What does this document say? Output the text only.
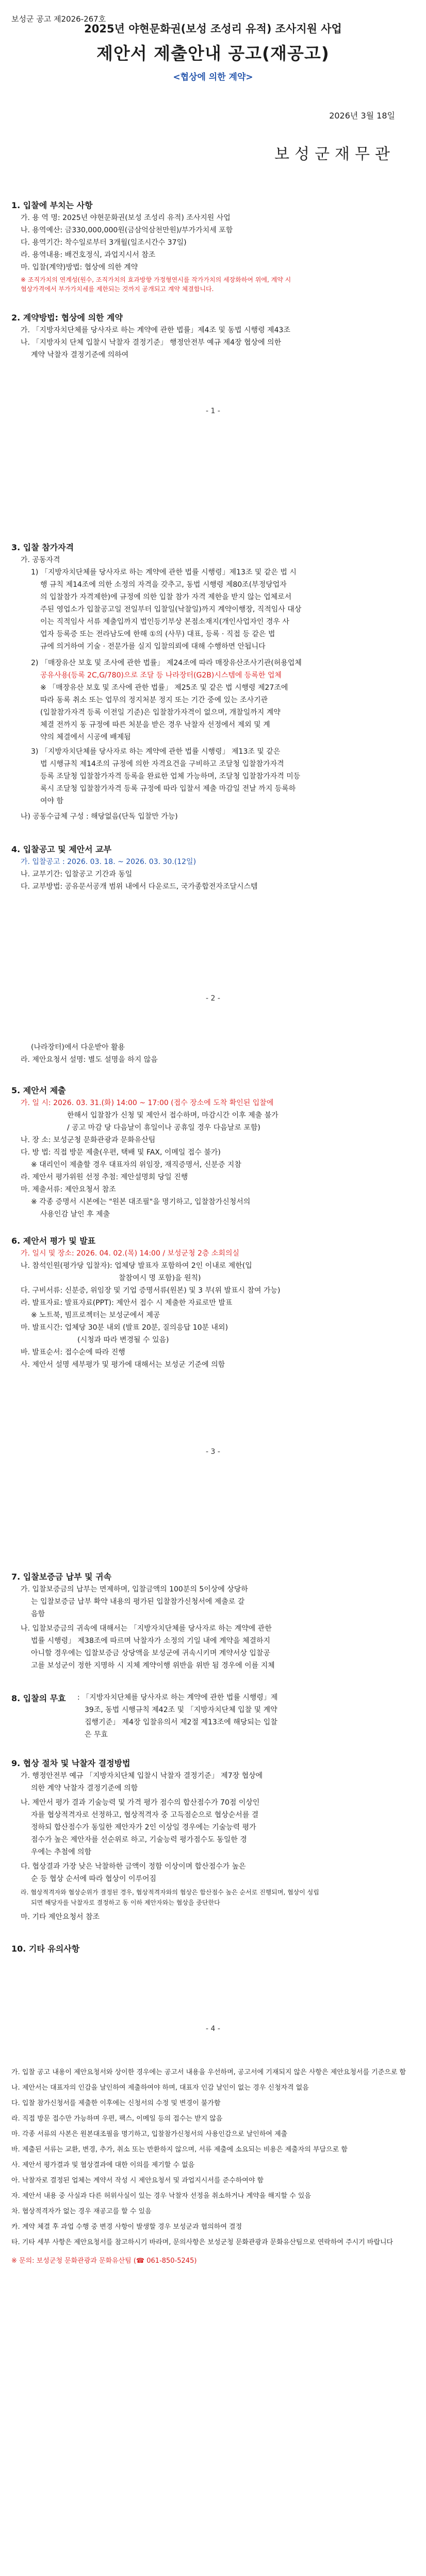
보성군 공고 제2026-267호
2025년 야현문화권(보성 조성리 유적) 조사지원 사업
제안서 제출안내 공고(재공고)
<협상에 의한 계약>
2026년 3월 18일
보성군재무관
1. 입찰에 부치는 사항
가. 용 역 명: 2025년 야현문화권(보성 조성리 유적) 조사지원 사업
나. 용역예산: 금330,000,000원(금삼억삼천만원)/부가가치세 포함
다. 용역기간: 착수일로부터 3개월(일조시간수 37일)
라. 용역내용: 배건호정식, 과업지시서 참조
마. 입찰(계약)방법: 협상에 의한 계약
※ 조직가치의 연계성(원수, 조직가치의 효과방향 가정형연시를 작가가치의 세장화하여 위에, 계약 시
협상가격에서 부가가치세를 제한되는 것까지 공개되고 계약 체결합니다.
2. 계약방법: 협상에 의한 계약
가. 「지방자치단체를 당사자로 하는 계약에 관한 법률」제4조 및 동법 시행령 제43조
나. 「지방자치 단체 입찰시 낙찰자 결정기준」 행정안전부 예규 제4장 협상에 의한
계약 낙찰자 결정기준에 의하여
- 1 -
3. 입찰 참가자격
가. 공동자격
1) 「지방자치단체를 당사자로 하는 계약에 관한 법률 시행령」제13조 및 같은 법 시
행 규칙 제14조에 의한 소정의 자격을 갖추고, 동법 시행령 제80조(부정당업자
의 입찰참가 자격제한)에 규정에 의한 입찰 참가 자격 제한을 받지 않는 업체로서
주된 영업소가 입찰공고일 전일부터 입찰일(낙찰일)까지 계약이행장, 직적임사 대상
이는 직적임사 서류 제출입까지 법인등기부상 본점소재지(개인사업자인 경우 사
업자 등록증 또는 전라남도에 한해 ①의 (사무) 대표, 등록 · 직접 등 같은 법
규에 의거하여 기술 · 전문가를 실지 입찰의뢰에 대해 수행하면 안됩니다
2) 「매장유산 보호 및 조사에 관한 법률」 제24조에 따라 매장유산조사기관(허용업체
공유사용(등록 2C,G/780)으로 조달 등 나라장터(G2B)시스템에 등록한 업체
※ 「매장유산 보호 및 조사에 관한 법률」 제25조 및 같은 법 시행령 제27조에
따라 동록 취소 또는 업무의 정지처분 정지 또는 기간 중에 있는 조사기관
(입찰참가자격 등록 이전일 기준)은 입찰참가자격이 없으며, 개찰일까지 계약
체결 전까지 동 규정에 따른 처분을 받은 경우 낙찰자 선정에서 제외 및 계
약의 체결에서 시공에 배제됨
3) 「지방자치단체를 당사자로 하는 계약에 관한 법률 시행령」 제13조 및 같은
법 시행규칙 제14조의 규정에 의한 자격요건을 구비하고 조달청 입찰참가자격
등록 조달청 입찰참가자격 등록을 완료한 업체 가능하며, 조달청 입찰참가자격 미등
록시 조달청 입찰참가자격 등록 규정에 따라 입찰서 제출 마감일 전날 까지 등록하
여야 함
나) 공동수급체 구성 : 해당없음(단독 입찰만 가능)
4. 입찰공고 및 제안서 교부
가. 입찰공고 : 2026. 03. 18. ~ 2026. 03. 30.(12일)
나. 교부기간: 입찰공고 기간과 동일
다. 교부방법: 공유문서공개 범위 내에서 다운로드, 국가종합전자조달시스템
- 2 -
(나라장터)에서 다운받아 활용
라. 제안요청서 설명: 별도 설명을 하지 않음
5. 제안서 제출
가. 일 시: 2026. 03. 31.(화) 14:00 ~ 17:00 (접수 장소에 도착 확인된 입찰에
한해서 입찰참가 신청 및 제안서 접수하며, 마감시간 이후 제출 불가
/ 공고 마감 당 다음날이 휴일이나 공휴일 경우 다음날로 포함)
나. 장 소: 보성군청 문화관광과 문화유산팀
다. 방 법: 직접 방문 제출(우편, 택배 및 FAX, 이메일 접수 불가)
※ 대리인이 제출할 경우 대표자의 위임장, 재직증명서, 신분증 지참
라. 제안서 평가위원 선정 추첨: 제안설명회 당일 진행
마. 제출서류: 제안요청서 참조
※ 각종 증명서 시본에는 "원본 대조필"을 명기하고, 입찰참가신청서의
사용인감 날인 후 제출
6. 제안서 평가 및 발표
가. 일시 및 장소: 2026. 04. 02.(목) 14:00 / 보성군청 2층 소회의실
나. 참석인원(평가당 입찰자): 업체당 발표자 포함하여 2인 이내로 제한(입
찰참여시 명 포함)을 원칙)
다. 구비서류: 신분증, 위임장 및 기업 증명서류(원본) 및 3 부(위 발표시 참여 가능)
라. 발표자료: 발표자료(PPT): 제안서 접수 시 제출한 자료로만 발표
※ 노트북, 빔프로젝터는 보성군에서 제공
마. 발표시간: 업체당 30분 내외 (발표 20분, 질의응답 10분 내외)
(시청과 따라 변경될 수 있음)
바. 발표순서: 접수순에 따라 진행
사. 제안서 설명 세부평가 및 평가에 대해서는 보성군 기준에 의함
- 3 -
7. 입찰보증금 납부 및 귀속
가. 입찰보증금의 납부는 면제하며, 입찰금액의 100분의 5이상에 상당하
는 입찰보증금 납부 확약 내용의 평가된 입찰참가신청서에 제출로 갈
음함
나. 입찰보증금의 귀속에 대해서는 「지방자치단체를 당사자로 하는 계약에 관한
법률 시행령」 제38조에 따르며 낙찰자가 소정의 기일 내에 계약을 체결하지
아니할 경우에는 입찰보증금 상당액을 보성군에 귀속시키며 계약서상 입찰공
고를 보성군이 정한 지명하 시 지체 계약이행 위반을 위반 됨 경우에 이를 지체
8. 입찰의 무효 : 「지방자치단체를 당사자로 하는 계약에 관한 법률 시행령」제
39조, 동법 시행규칙 제42조 및 「지방자치단체 입찰 및 계약
집행기준」 제4장 입찰유의서 제2절 제13조에 해당되는 입찰
은 무효
9. 협상 절차 및 낙찰자 결정방법
가. 행정안전부 예규 「지방자치단체 입찰시 낙찰자 결정기준」 제7장 협상에
의한 계약 낙찰자 결정기준에 의함
나. 제안서 평가 결과 기술능력 및 가격 평가 점수의 합산점수가 70점 이상인
자를 협상적격자로 선정하고, 협상적격자 중 고득점순으로 협상순서를 결
정하되 합산점수가 동일한 제안자가 2인 이상일 경우에는 기술능력 평가
점수가 높은 제안자를 선순위로 하고, 기술능력 평가점수도 동일한 경
우에는 추첨에 의함
다. 협상결과 가장 낮은 낙찰하한 금액이 정함 이상이며 합산점수가 높은
순 등 협상 순서에 따라 협상이 이루어짐
라. 협상적격자와 협상순위가 결정된 경우, 협상적격자와의 협상은 합산점수 높은 순서로 진행되며, 협상이 성립
되면 해당자를 낙찰자로 결정하고 동 이하 제안자와는 협상을 중단한다
마. 기타 제안요청서 참조
10. 기타 유의사항
- 4 -
가. 입찰 공고 내용이 제안요청서와 상이한 경우에는 공고서 내용을 우선하며, 공고서에 기재되지 않은 사항은 제안요청서를 기준으로 함
나. 제안서는 대표자의 인감을 날인하여 제출하여야 하며, 대표자 인감 날인이 없는 경우 신청자격 없음
다. 입찰 참가신청서를 제출한 이후에는 신청서의 수정 및 변경이 불가함
라. 직접 방문 접수만 가능하며 우편, 팩스, 이메일 등의 접수는 받지 않음
마. 각종 서류의 사본은 원본대조필을 명기하고, 입찰참가신청서의 사용인감으로 날인하여 제출
바. 제출된 서류는 교환, 변경, 추가, 취소 또는 반환하지 않으며, 서류 제출에 소요되는 비용은 제출자의 부담으로 함
사. 제안서 평가결과 및 협상결과에 대한 이의를 제기할 수 없음
아. 낙찰자로 결정된 업체는 계약서 작성 시 제안요청서 및 과업지시서를 준수하여야 함
자. 제안서 내용 중 사실과 다른 허위사실이 있는 경우 낙찰자 선정을 취소하거나 계약을 해지할 수 있음
차. 협상적격자가 없는 경우 재공고를 할 수 있음
카. 계약 체결 후 과업 수행 중 변경 사항이 발생할 경우 보성군과 협의하여 결정
타. 기타 세부 사항은 제안요청서를 참고하시기 바라며, 문의사항은 보성군청 문화관광과 문화유산팀으로 연락하여 주시기 바랍니다
※ 문의: 보성군청 문화관광과 문화유산팀 (☎ 061-850-5245)
